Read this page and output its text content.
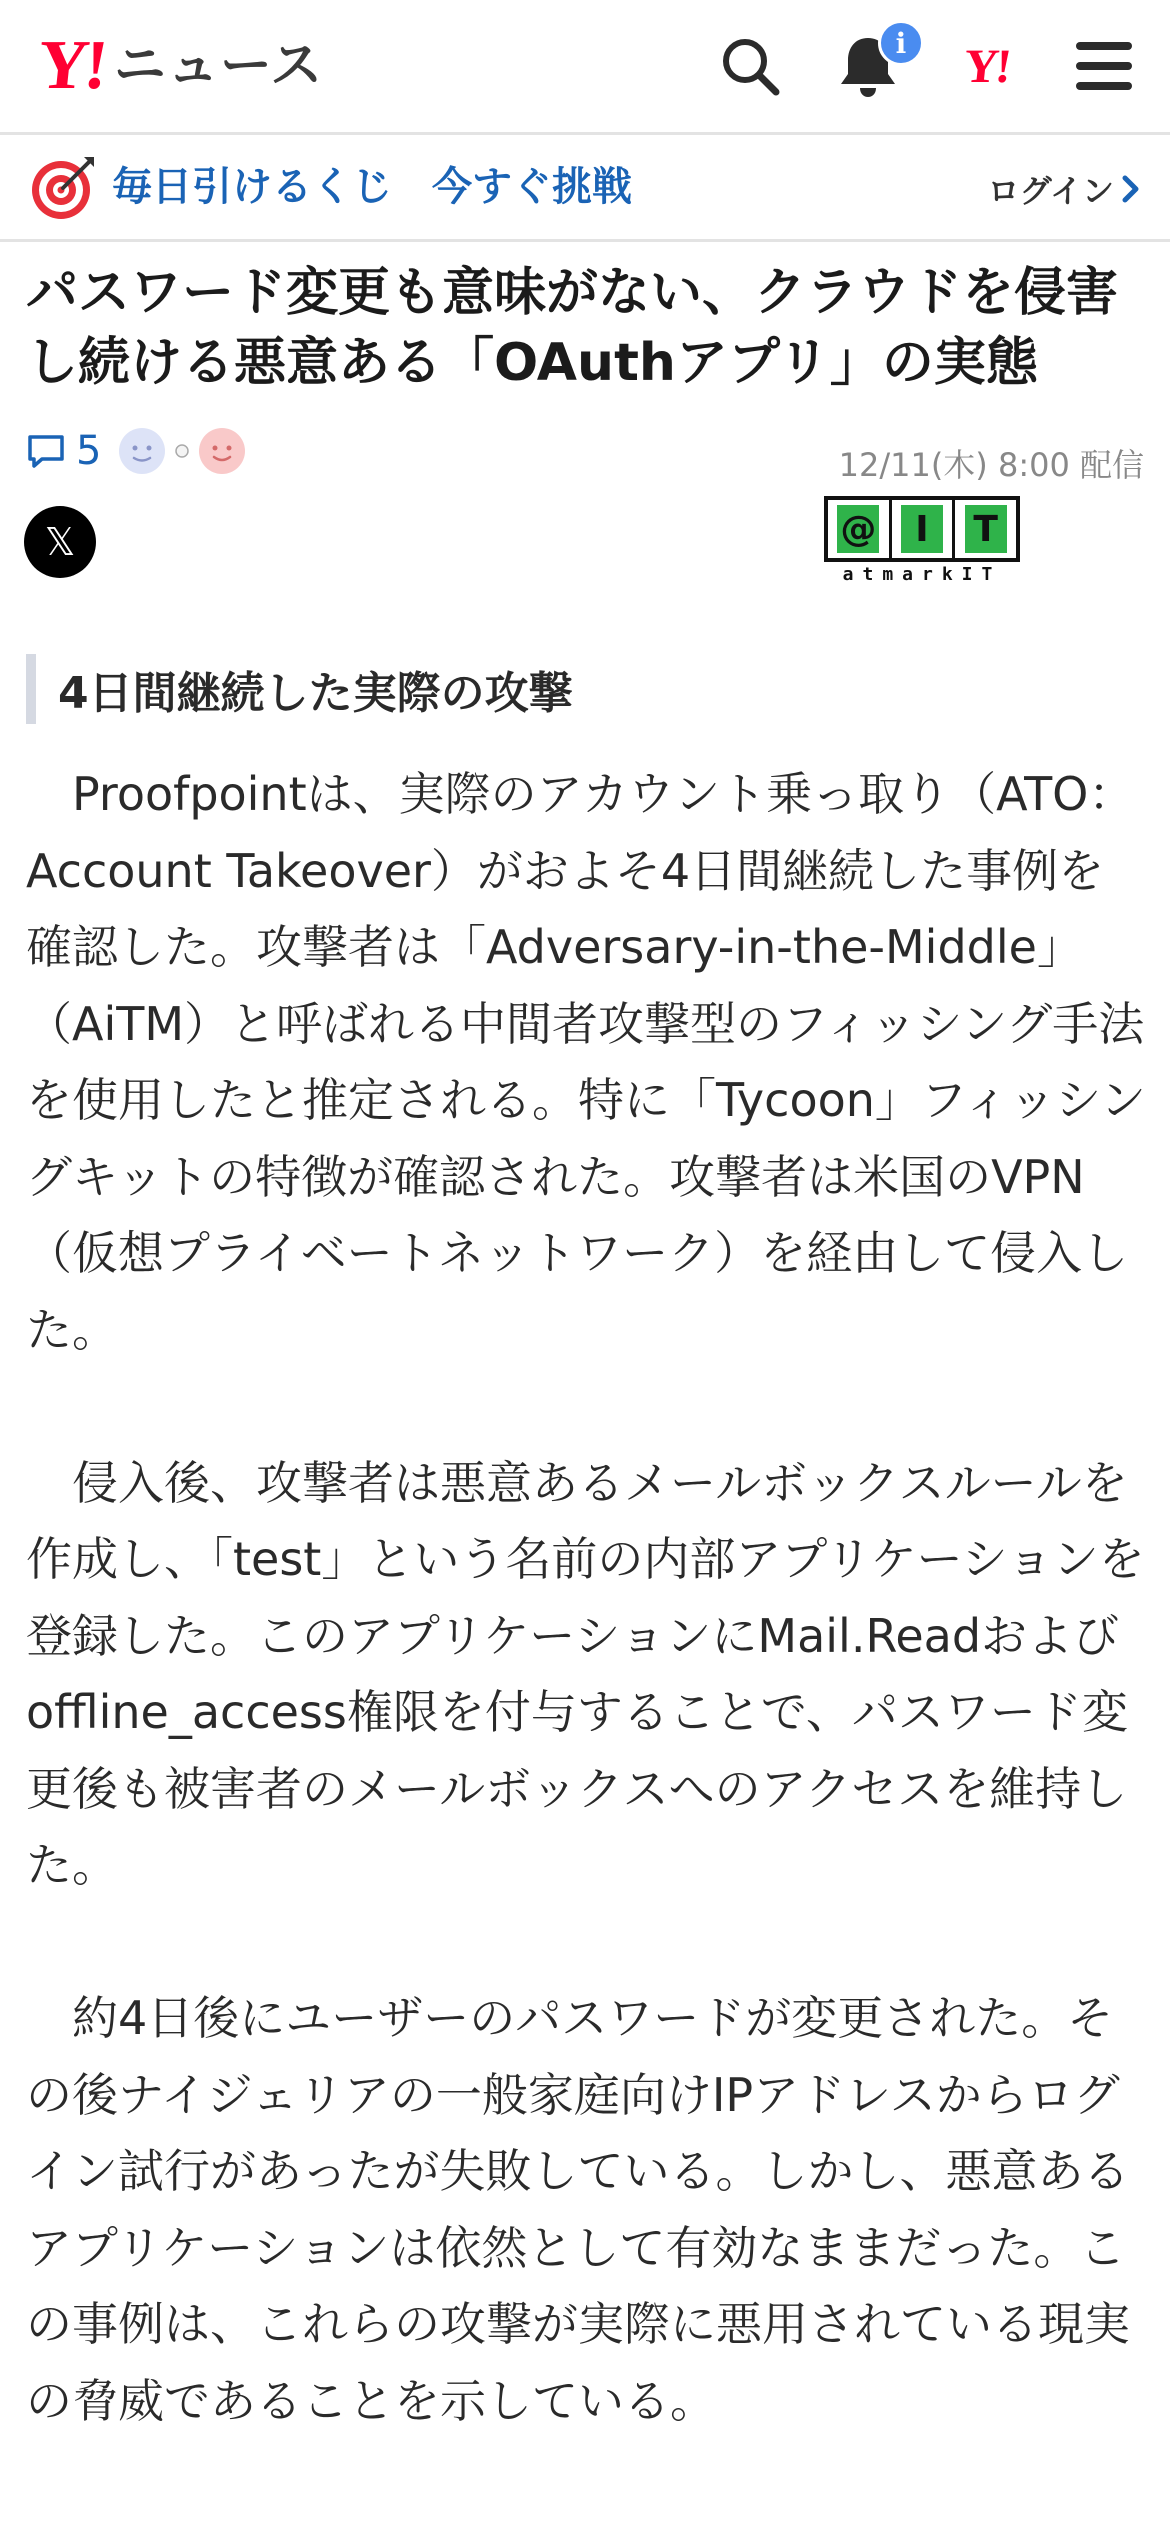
Y! ニュース	i	Y!
毎日引けるくじ　今すぐ挑戦	ログイン
パスワード変更も意味がない、クラウドを侵害し続ける悪意ある「OAuthアプリ」の実態
5	12/11(木) 8:00 配信
𝕏	@	I	T
atmarkIT
4日間継続した実際の攻撃

Proofpointは、実際のアカウント乗っ取り（ATO：Account Takeover）がおよそ4日間継続した事例を確認した。攻撃者は「Adversary-in-the-Middle」（AiTM）と呼ばれる中間者攻撃型のフィッシング手法を使用したと推定される。特に「Tycoon」フィッシングキットの特徴が確認された。攻撃者は米国のVPN（仮想プライベートネットワーク）を経由して侵入した。

侵入後、攻撃者は悪意あるメールボックスルールを作成し、「test」という名前の内部アプリケーションを登録した。このアプリケーションにMail.Readおよびoffline_access権限を付与することで、パスワード変更後も被害者のメールボックスへのアクセスを維持した。

約4日後にユーザーのパスワードが変更された。その後ナイジェリアの一般家庭向けIPアドレスからログイン試行があったが失敗している。しかし、悪意あるアプリケーションは依然として有効なままだった。この事例は、これらの攻撃が実際に悪用されている現実の脅威であることを示している。
